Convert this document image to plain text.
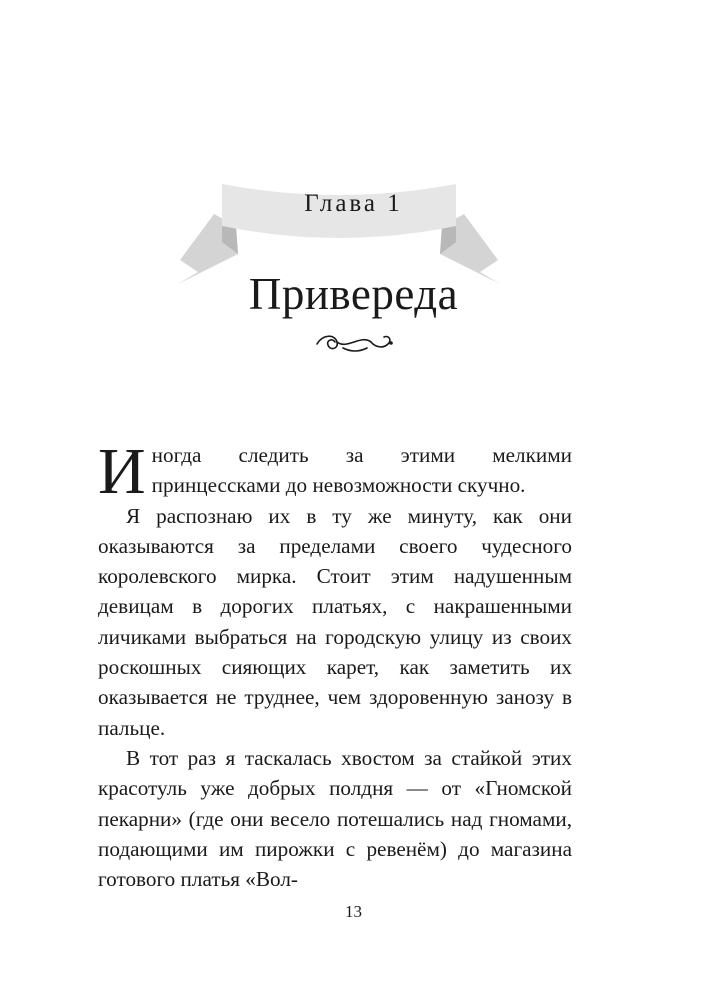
Глава 1
Привереда

Иногда следить за этими мелкими принцессками до невозможности скучно.

Я распознаю их в ту же минуту, как они оказываются за пределами своего чудесного королевского мирка. Стоит этим надушенным девицам в дорогих платьях, с накрашенными личиками выбраться на городскую улицу из своих роскошных сияющих карет, как заметить их оказывается не труднее, чем здоровенную занозу в пальце.

В тот раз я таскалась хвостом за стайкой этих красотуль уже добрых полдня — от «Гномской пекарни» (где они весело потешались над гномами, подающими им пирожки с ревенём) до магазина готового платья «Вол-

13
